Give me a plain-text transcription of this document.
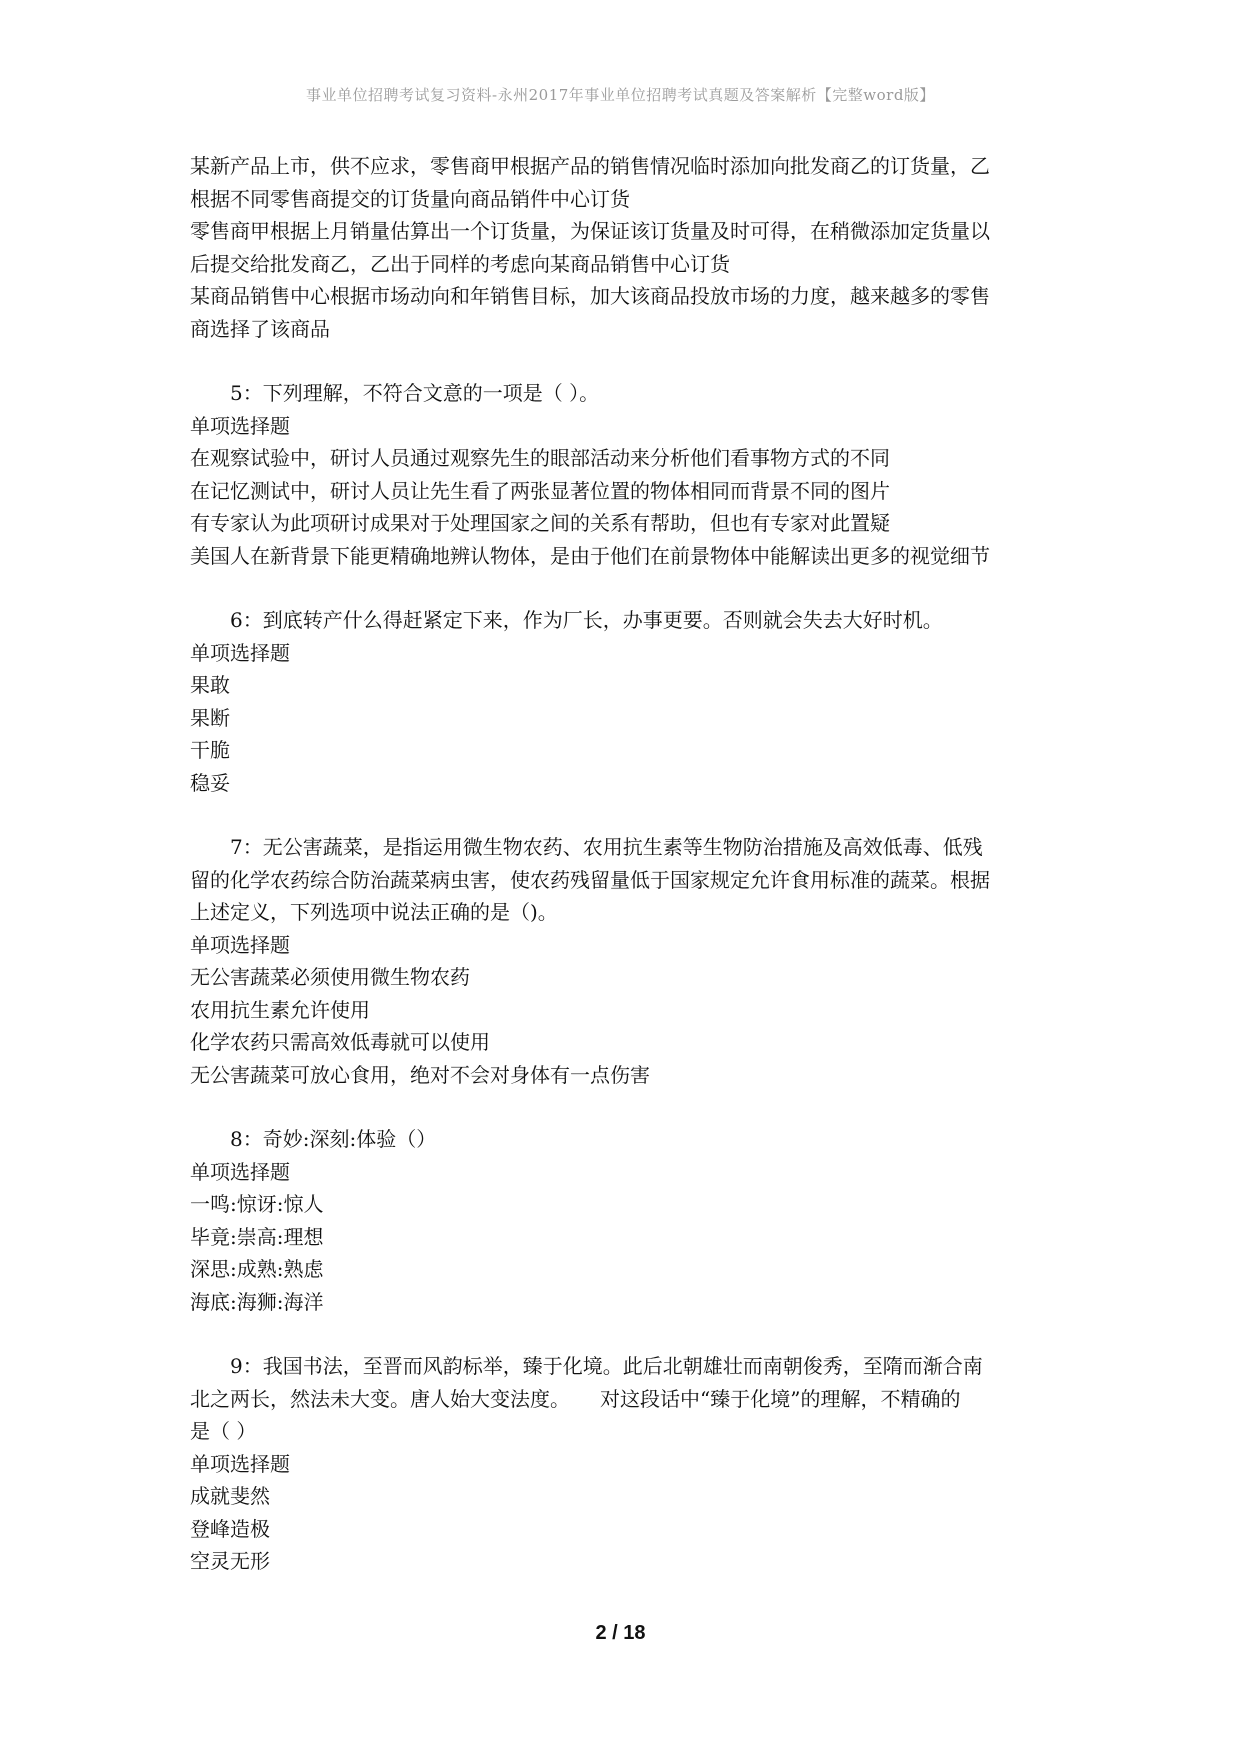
事业单位招聘考试复习资料-永州2017年事业单位招聘考试真题及答案解析【完整word版】
某新产品上市，供不应求，零售商甲根据产品的销售情况临时添加向批发商乙的订货量，乙
根据不同零售商提交的订货量向商品销件中心订货
零售商甲根据上月销量估算出一个订货量，为保证该订货量及时可得，在稍微添加定货量以
后提交给批发商乙，乙出于同样的考虑向某商品销售中心订货
某商品销售中心根据市场动向和年销售目标，加大该商品投放市场的力度，越来越多的零售
商选择了该商品
5：下列理解，不符合文意的一项是（ ）。
单项选择题
在观察试验中，研讨人员通过观察先生的眼部活动来分析他们看事物方式的不同
在记忆测试中，研讨人员让先生看了两张显著位置的物体相同而背景不同的图片
有专家认为此项研讨成果对于处理国家之间的关系有帮助，但也有专家对此置疑
美国人在新背景下能更精确地辨认物体，是由于他们在前景物体中能解读出更多的视觉细节
6：到底转产什么得赶紧定下来，作为厂长，办事更要。否则就会失去大好时机。
单项选择题
果敢
果断
干脆
稳妥
7：无公害蔬菜，是指运用微生物农药、农用抗生素等生物防治措施及高效低毒、低残
留的化学农药综合防治蔬菜病虫害，使农药残留量低于国家规定允许食用标准的蔬菜。根据
上述定义，下列选项中说法正确的是（)。
单项选择题
无公害蔬菜必须使用微生物农药
农用抗生素允许使用
化学农药只需高效低毒就可以使用
无公害蔬菜可放心食用，绝对不会对身体有一点伤害
8：奇妙:深刻:体验（）
单项选择题
一鸣:惊讶:惊人
毕竟:崇高:理想
深思:成熟:熟虑
海底:海狮:海洋
9：我国书法，至晋而风韵标举，臻于化境。此后北朝雄壮而南朝俊秀，至隋而渐合南
北之两长，然法未大变。唐人始大变法度。　　对这段话中“臻于化境”的理解，不精确的
是（ ）
单项选择题
成就斐然
登峰造极
空灵无形
2 / 18
